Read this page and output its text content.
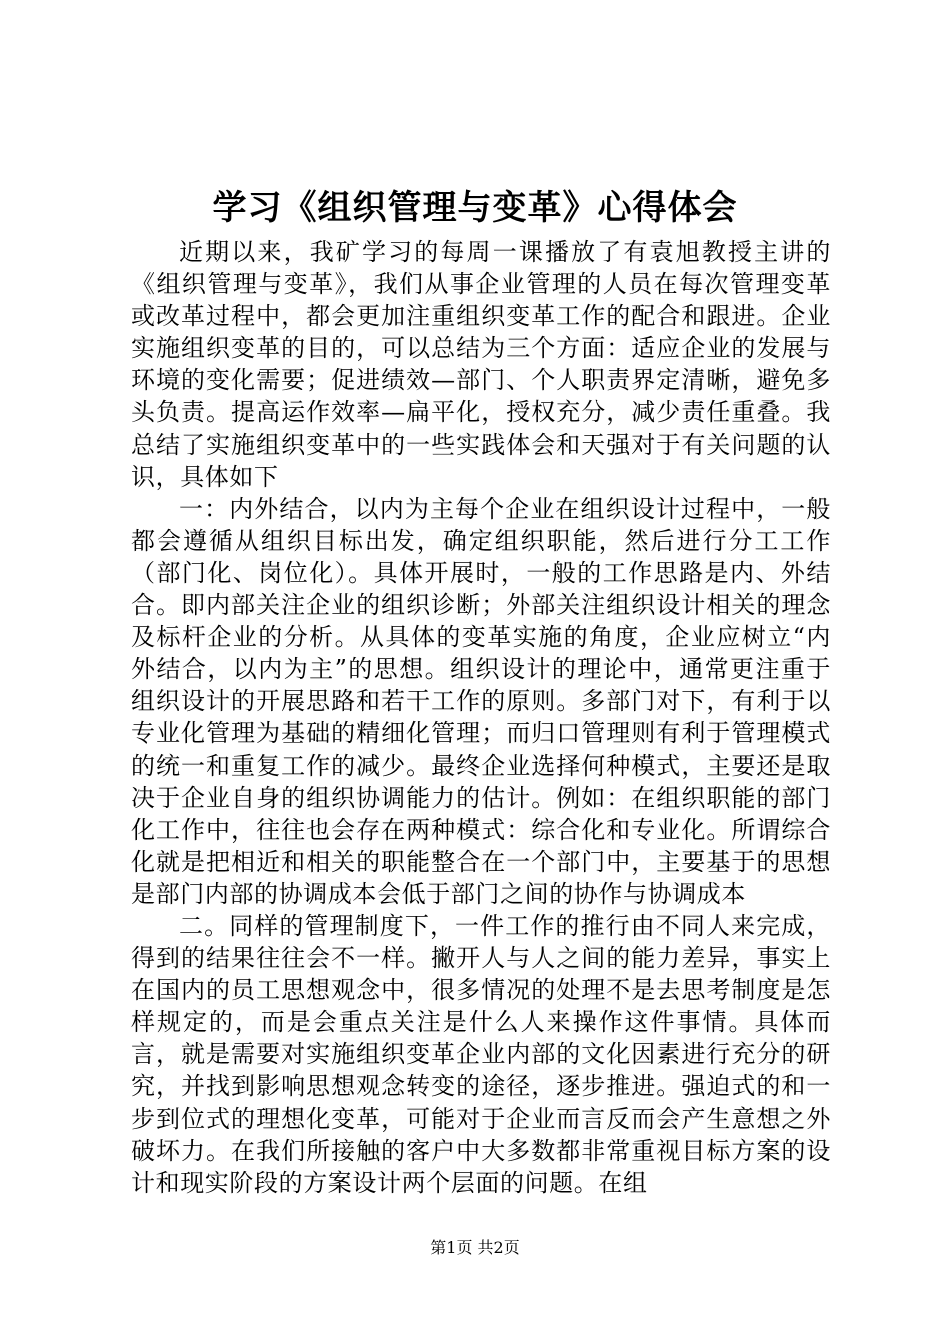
学习《组织管理与变革》心得体会

近期以来，我矿学习的每周一课播放了有袁旭教授主讲的《组织管理与变革》，我们从事企业管理的人员在每次管理变革或改革过程中，都会更加注重组织变革工作的配合和跟进。企业实施组织变革的目的，可以总结为三个方面：适应企业的发展与环境的变化需要；促进绩效—部门、个人职责界定清晰，避免多头负责。提高运作效率—扁平化，授权充分，减少责任重叠。我总结了实施组织变革中的一些实践体会和天强对于有关问题的认识，具体如下

一：内外结合，以内为主每个企业在组织设计过程中，一般都会遵循从组织目标出发，确定组织职能，然后进行分工工作（部门化、岗位化）。具体开展时，一般的工作思路是内、外结合。即内部关注企业的组织诊断；外部关注组织设计相关的理念及标杆企业的分析。从具体的变革实施的角度，企业应树立“内外结合，以内为主”的思想。组织设计的理论中，通常更注重于组织设计的开展思路和若干工作的原则。多部门对下，有利于以专业化管理为基础的精细化管理；而归口管理则有利于管理模式的统一和重复工作的减少。最终企业选择何种模式，主要还是取决于企业自身的组织协调能力的估计。例如：在组织职能的部门化工作中，往往也会存在两种模式：综合化和专业化。所谓综合化就是把相近和相关的职能整合在一个部门中，主要基于的思想是部门内部的协调成本会低于部门之间的协作与协调成本

二。同样的管理制度下，一件工作的推行由不同人来完成，得到的结果往往会不一样。撇开人与人之间的能力差异，事实上在国内的员工思想观念中，很多情况的处理不是去思考制度是怎样规定的，而是会重点关注是什么人来操作这件事情。具体而言，就是需要对实施组织变革企业内部的文化因素进行充分的研究，并找到影响思想观念转变的途径，逐步推进。强迫式的和一步到位式的理想化变革，可能对于企业而言反而会产生意想之外破坏力。在我们所接触的客户中大多数都非常重视目标方案的设计和现实阶段的方案设计两个层面的问题。在组

第1页 共2页
